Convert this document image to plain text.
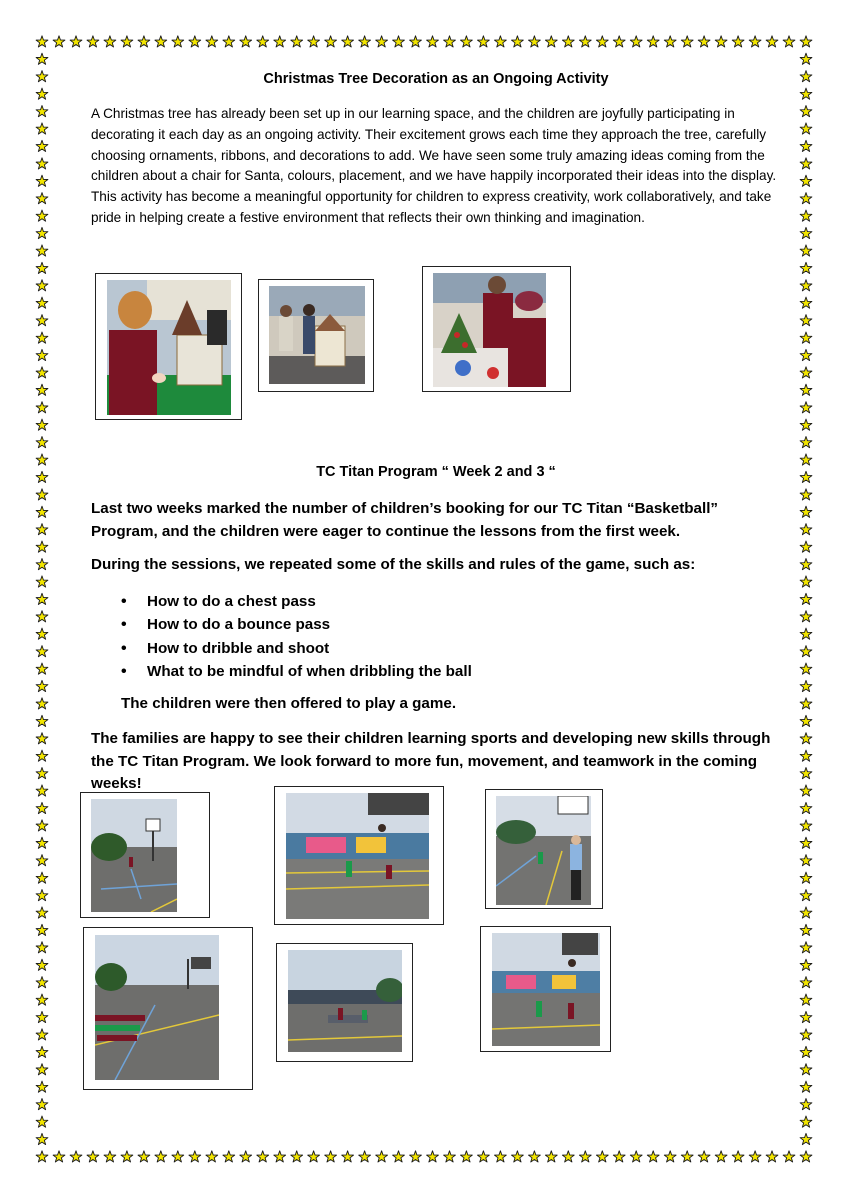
Christmas Tree Decoration as an Ongoing Activity

A Christmas tree has already been set up in our learning space, and the children are joyfully participating in decorating it each day as an ongoing activity. Their excitement grows each time they approach the tree, carefully choosing ornaments, ribbons, and decorations to add. We have seen some truly amazing ideas coming from the children about a chair for Santa, colours, placement, and we have happily incorporated their ideas into the display. This activity has become a meaningful opportunity for children to express creativity, work collaboratively, and take pride in helping create a festive environment that reflects their own thinking and imagination.

TC Titan Program “ Week 2 and 3 “

Last two weeks marked the number of children’s booking for our TC Titan “Basketball” Program, and the children were eager to continue the lessons from the first week.

During the sessions, we repeated some of the skills and rules of the game, such as:

• How to do a chest pass
• How to do a bounce pass
• How to dribble and shoot
• What to be mindful of when dribbling the ball

The children were then offered to play a game.

The families are happy to see their children learning sports and developing new skills through the TC Titan Program. We look forward to more fun, movement, and teamwork in the coming weeks!
